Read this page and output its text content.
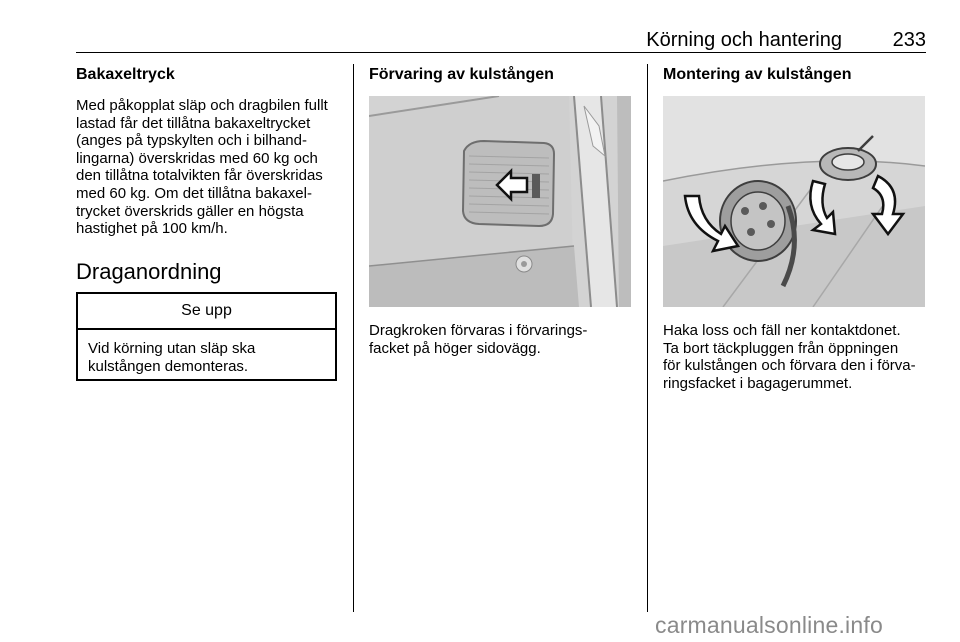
Körning och hantering	233
Bakaxeltryck
Med påkopplat släp och dragbilen fullt
lastad får det tillåtna bakaxeltrycket
(anges på typskylten och i bilhand-
lingarna) överskridas med 60 kg och
den tillåtna totalvikten får överskridas
med 60 kg. Om det tillåtna bakaxel-
trycket överskrids gäller en högsta
hastighet på 100 km/h.
Draganordning
Se upp
Vid körning utan släp ska
kulstången demonteras.
Förvaring av kulstången
Dragkroken förvaras i förvarings-
facket på höger sidovägg.
Montering av kulstången
Haka loss och fäll ner kontaktdonet.
Ta bort täckpluggen från öppningen
för kulstången och förvara den i förva-
ringsfacket i bagagerummet.
carmanualsonline.info
